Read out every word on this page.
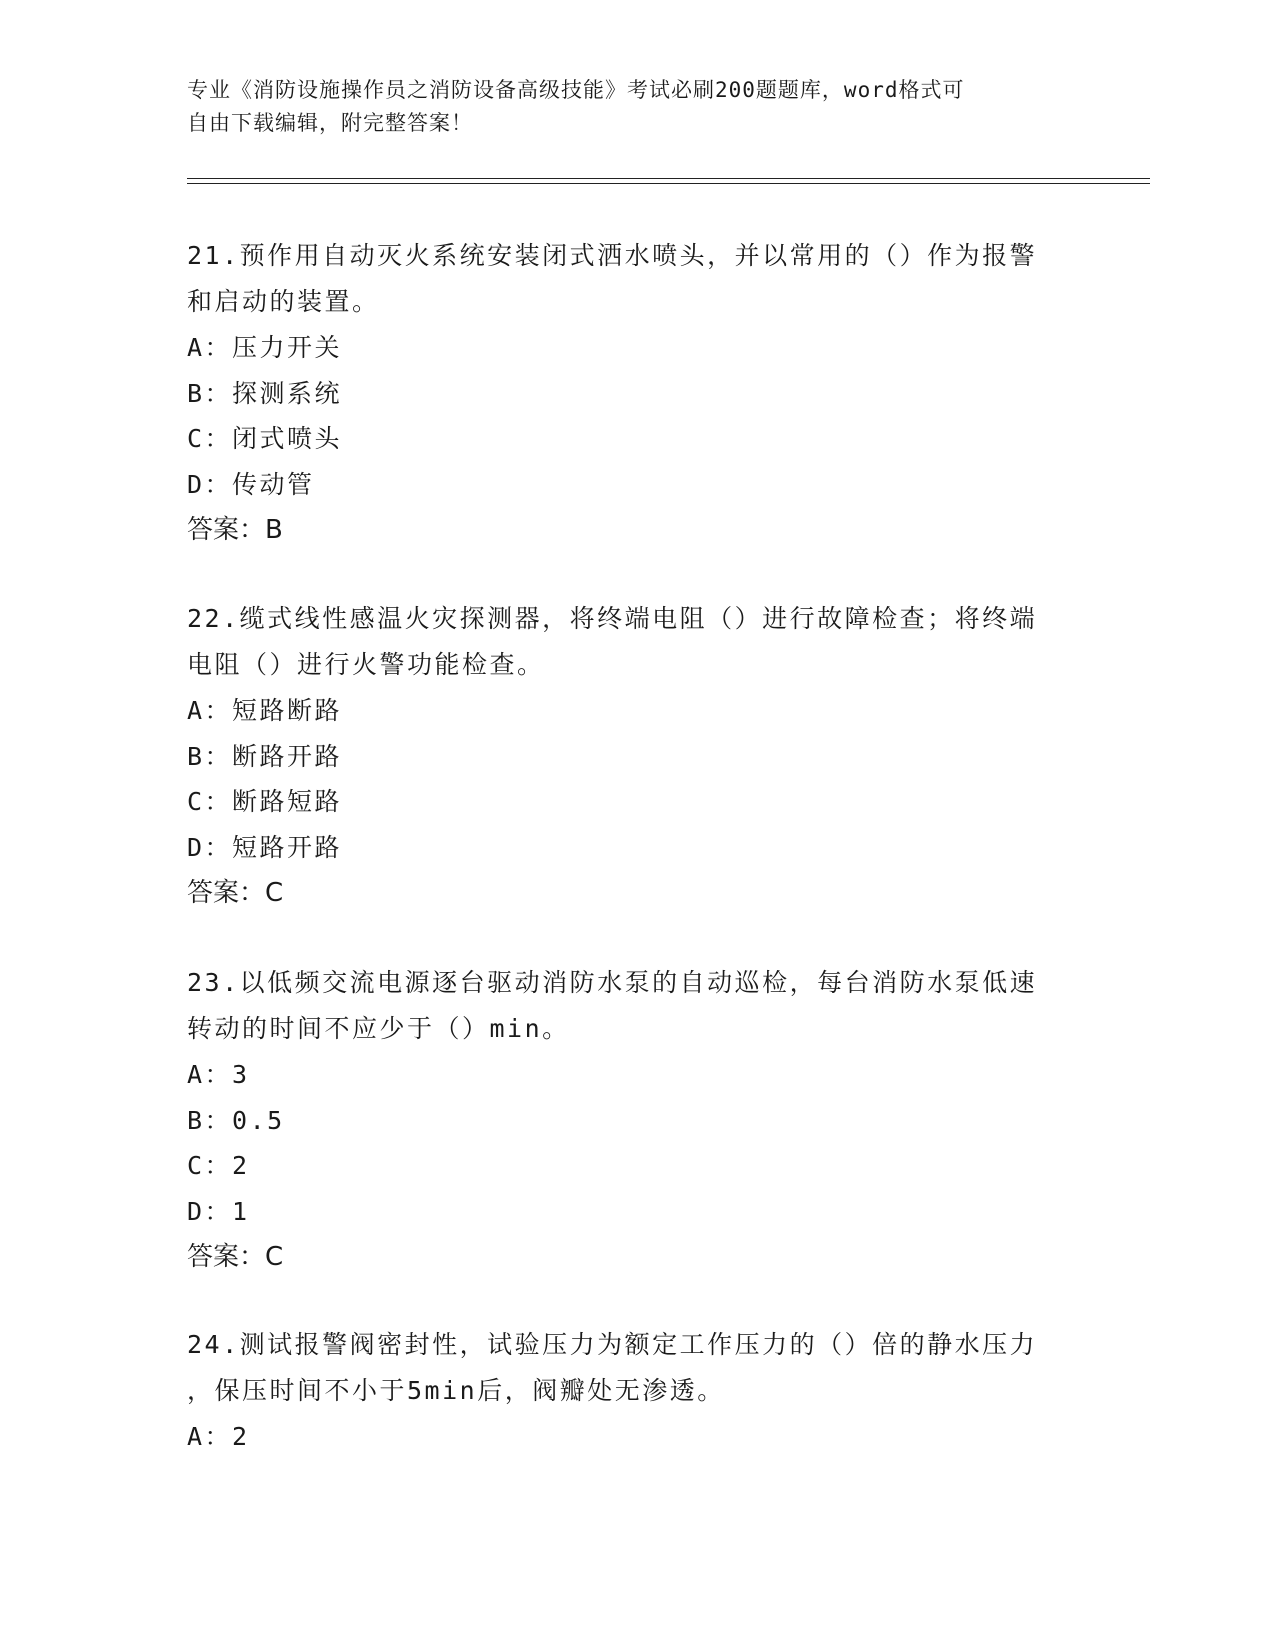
专业《消防设施操作员之消防设备高级技能》考试必刷200题题库，word格式可
自由下载编辑，附完整答案！

21.预作用自动灭火系统安装闭式洒水喷头，并以常用的（）作为报警

和启动的装置。

A：压力开关

B：探测系统

C：闭式喷头

D：传动管

答案：B

22.缆式线性感温火灾探测器，将终端电阻（）进行故障检查；将终端

电阻（）进行火警功能检查。

A：短路断路

B：断路开路

C：断路短路

D：短路开路

答案：C

23.以低频交流电源逐台驱动消防水泵的自动巡检，每台消防水泵低速

转动的时间不应少于（）min。

A：3

B：0.5

C：2

D：1

答案：C

24.测试报警阀密封性，试验压力为额定工作压力的（）倍的静水压力

，保压时间不小于5min后，阀瓣处无渗透。

A：2
